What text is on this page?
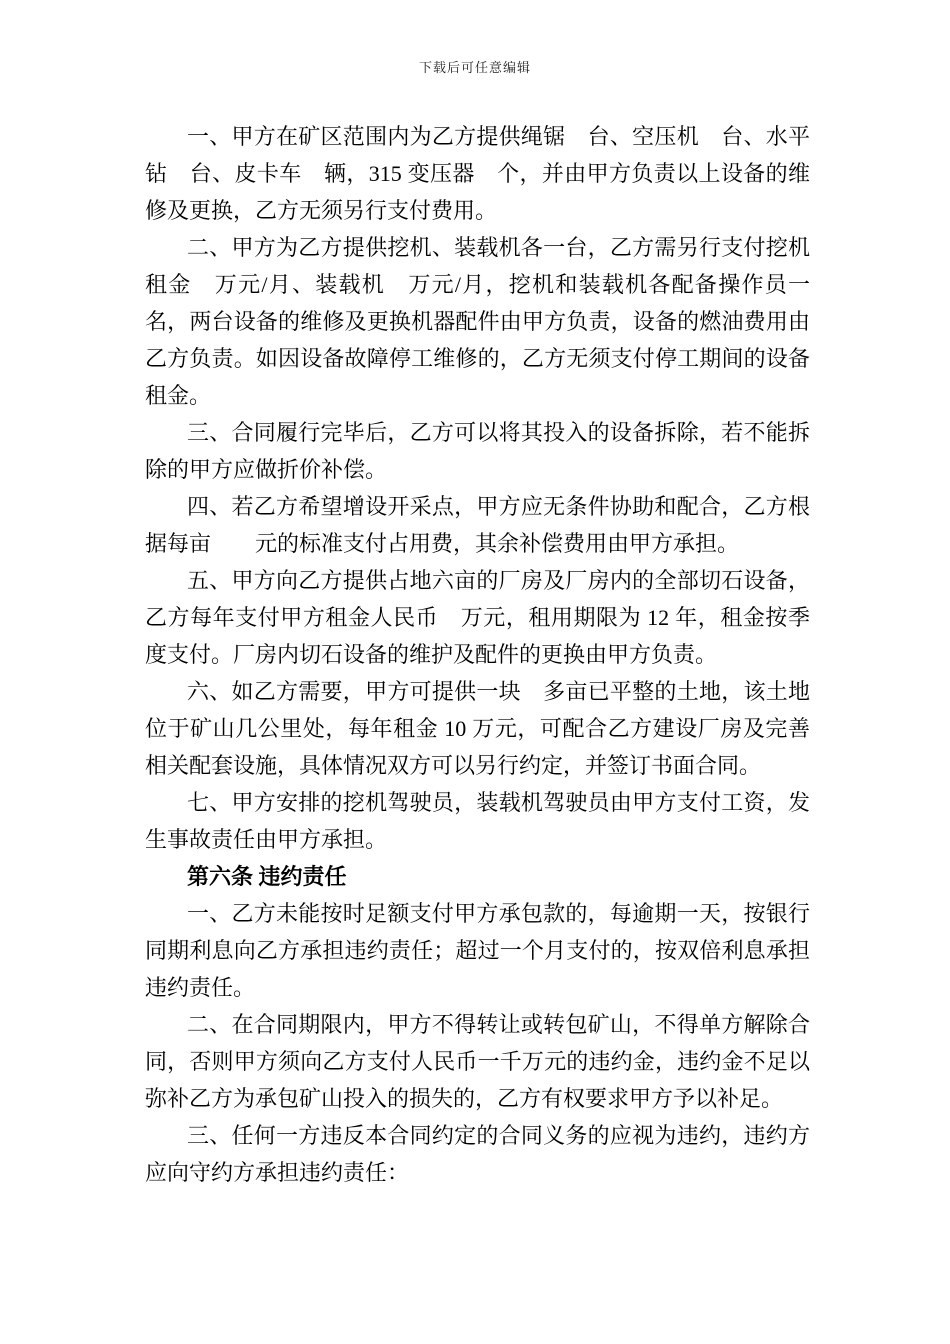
下载后可任意编辑

一、甲方在矿区范围内为乙方提供绳锯　台、空压机　台、水平钻　台、皮卡车　辆，315 变压器　个，并由甲方负责以上设备的维修及更换，乙方无须另行支付费用。

二、甲方为乙方提供挖机、装载机各一台，乙方需另行支付挖机租金　万元/月、装载机　万元/月，挖机和装载机各配备操作员一名，两台设备的维修及更换机器配件由甲方负责，设备的燃油费用由乙方负责。如因设备故障停工维修的，乙方无须支付停工期间的设备租金。

三、合同履行完毕后，乙方可以将其投入的设备拆除，若不能拆除的甲方应做折价补偿。

四、若乙方希望增设开采点，甲方应无条件协助和配合，乙方根据每亩　　元的标准支付占用费，其余补偿费用由甲方承担。

五、甲方向乙方提供占地六亩的厂房及厂房内的全部切石设备，乙方每年支付甲方租金人民币　万元，租用期限为 12 年，租金按季度支付。厂房内切石设备的维护及配件的更换由甲方负责。

六、如乙方需要，甲方可提供一块　多亩已平整的土地，该土地位于矿山几公里处，每年租金 10 万元，可配合乙方建设厂房及完善相关配套设施，具体情况双方可以另行约定，并签订书面合同。

七、甲方安排的挖机驾驶员，装载机驾驶员由甲方支付工资，发生事故责任由甲方承担。

第六条 违约责任

一、乙方未能按时足额支付甲方承包款的，每逾期一天，按银行同期利息向乙方承担违约责任；超过一个月支付的，按双倍利息承担违约责任。

二、在合同期限内，甲方不得转让或转包矿山，不得单方解除合同，否则甲方须向乙方支付人民币一千万元的违约金，违约金不足以弥补乙方为承包矿山投入的损失的，乙方有权要求甲方予以补足。

三、任何一方违反本合同约定的合同义务的应视为违约，违约方应向守约方承担违约责任：
